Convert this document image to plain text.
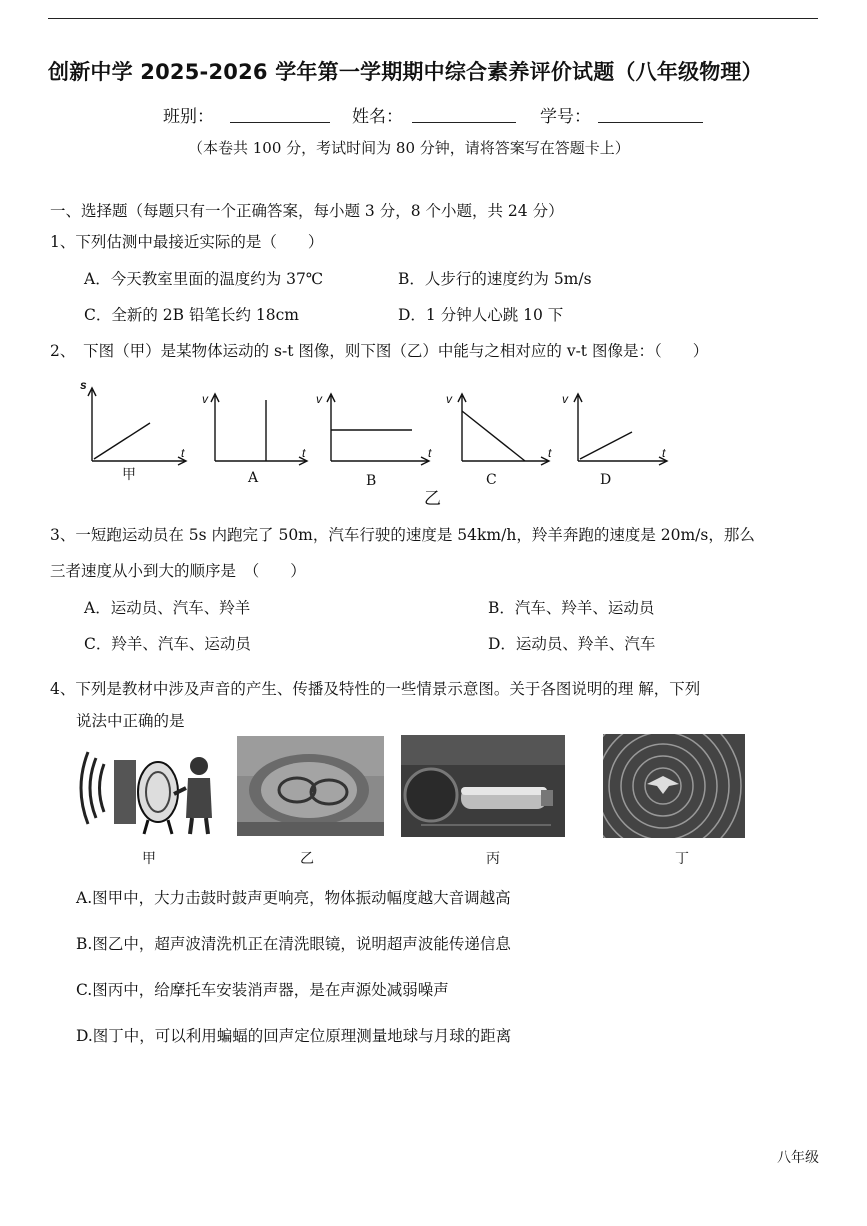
创新中学 2025-2026 学年第一学期期中综合素养评价试题（八年级物理）
班别：	姓名：	学号：
（本卷共 100 分，考试时间为 80 分钟，请将答案写在答题卡上）
一、选择题（每题只有一个正确答案，每小题 3 分，8 个小题，共 24 分）
1、下列估测中最接近实际的是（　　）
A．今天教室里面的温度约为 37℃	B．人步行的速度约为 5m/s
C．全新的 2B 铅笔长约 18cm	D．1 分钟人心跳 10 下
2、　下图（甲）是某物体运动的 s-t 图像，则下图（乙）中能与之相对应的 v-t 图像是：（　　）
s
t
甲
v
t
A
v
t
B
v
t
C
v
t
D
乙
3、一短跑运动员在 5s 内跑完了 50m，汽车行驶的速度是 54km/h，羚羊奔跑的速度是 20m/s，那么
三者速度从小到大的顺序是　（　　）
A．运动员、汽车、羚羊	B．汽车、羚羊、运动员
C．羚羊、汽车、运动员	D．运动员、羚羊、汽车
4、下列是教材中涉及声音的产生、传播及特性的一些情景示意图。关于各图说明的理 解，下列
说法中正确的是
甲	乙	丙	丁
A.图甲中，大力击鼓时鼓声更响亮，物体振动幅度越大音调越高
B.图乙中，超声波清洗机正在清洗眼镜，说明超声波能传递信息
C.图丙中，给摩托车安装消声器，是在声源处减弱噪声
D.图丁中，可以利用蝙蝠的回声定位原理测量地球与月球的距离
八年级
